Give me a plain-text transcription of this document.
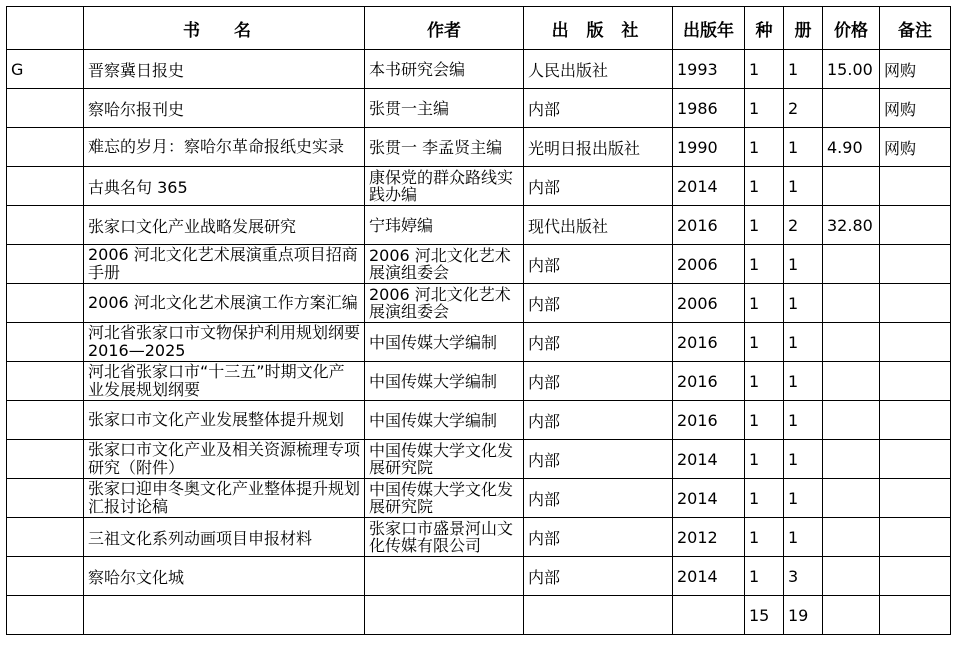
	书 名	作者	出 版 社	出版年	种	册	价格	备注
G	晋察冀日报史	本书研究会编	人民出版社	1993	1	1	15.00	网购
	察哈尔报刊史	张贯一主编	内部	1986	1	2		网购
	难忘的岁月：察哈尔革命报纸史实录	张贯一 李孟贤主编	光明日报出版社	1990	1	1	4.90	网购
	古典名句 365	康保党的群众路线实践办编	内部	2014	1	1		
	张家口文化产业战略发展研究	宁玮婷编	现代出版社	2016	1	2	32.80	
	2006 河北文化艺术展演重点项目招商手册	2006 河北文化艺术展演组委会	内部	2006	1	1		
	2006 河北文化艺术展演工作方案汇编	2006 河北文化艺术展演组委会	内部	2006	1	1		
	河北省张家口市文物保护利用规划纲要 2016—2025	中国传媒大学编制	内部	2016	1	1		
	河北省张家口市“十三五”时期文化产业发展规划纲要	中国传媒大学编制	内部	2016	1	1		
	张家口市文化产业发展整体提升规划	中国传媒大学编制	内部	2016	1	1		
	张家口市文化产业及相关资源梳理专项研究（附件）	中国传媒大学文化发展研究院	内部	2014	1	1		
	张家口迎申冬奥文化产业整体提升规划汇报讨论稿	中国传媒大学文化发展研究院	内部	2014	1	1		
	三祖文化系列动画项目申报材料	张家口市盛景河山文化传媒有限公司	内部	2012	1	1		
	察哈尔文化城		内部	2014	1	3		
					15	19		
